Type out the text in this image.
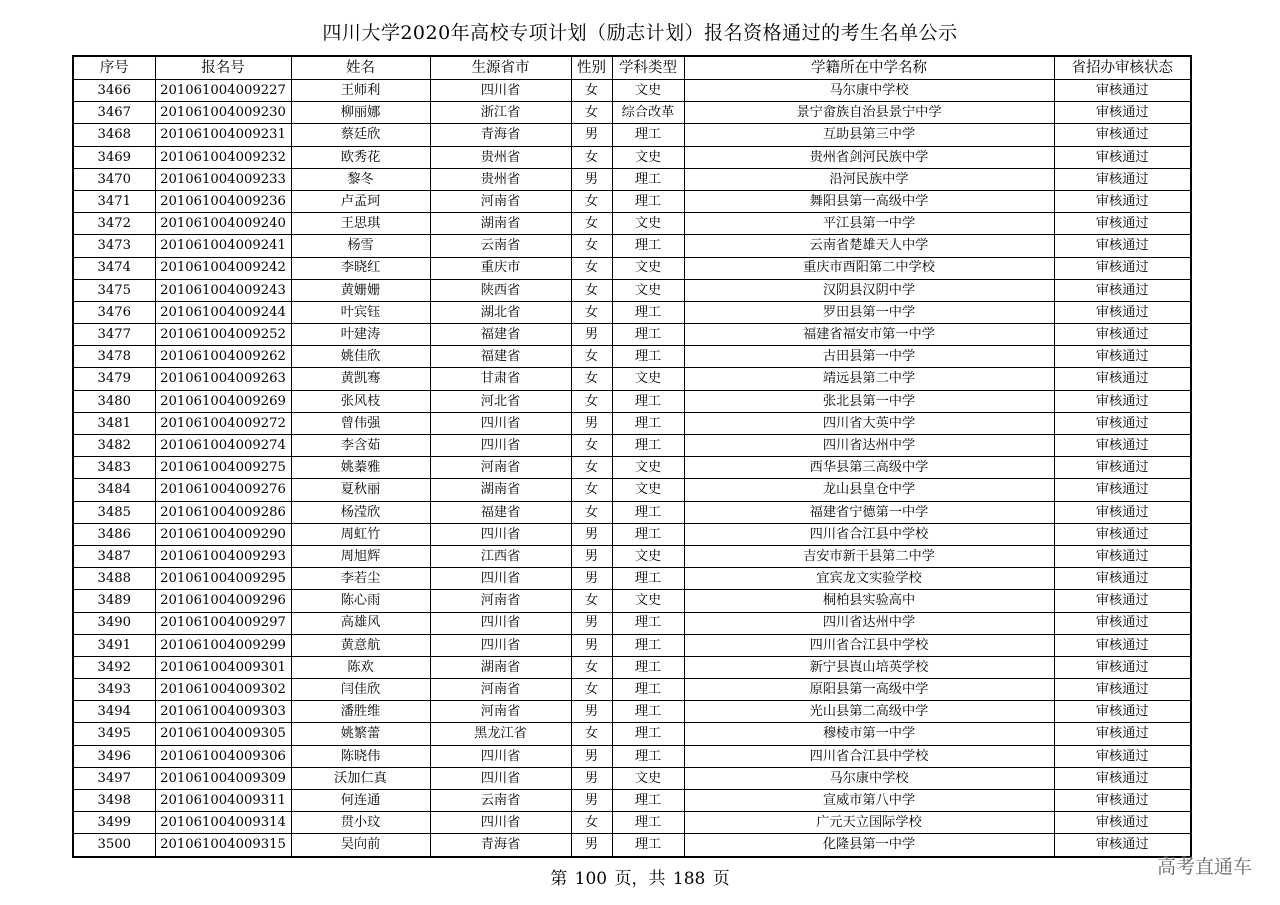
四川大学2020年高校专项计划（励志计划）报名资格通过的考生名单公示
序号	报名号	姓名	生源省市	性别	学科类型	学籍所在中学名称	省招办审核状态
3466	201061004009227	王师利	四川省	女	文史	马尔康中学校	审核通过
3467	201061004009230	柳丽娜	浙江省	女	综合改革	景宁畲族自治县景宁中学	审核通过
3468	201061004009231	蔡廷欣	青海省	男	理工	互助县第三中学	审核通过
3469	201061004009232	欧秀花	贵州省	女	文史	贵州省剑河民族中学	审核通过
3470	201061004009233	黎冬	贵州省	男	理工	沿河民族中学	审核通过
3471	201061004009236	卢孟珂	河南省	女	理工	舞阳县第一高级中学	审核通过
3472	201061004009240	王思琪	湖南省	女	文史	平江县第一中学	审核通过
3473	201061004009241	杨雪	云南省	女	理工	云南省楚雄天人中学	审核通过
3474	201061004009242	李晓红	重庆市	女	文史	重庆市酉阳第二中学校	审核通过
3475	201061004009243	黄姗姗	陕西省	女	文史	汉阴县汉阴中学	审核通过
3476	201061004009244	叶宾钰	湖北省	女	理工	罗田县第一中学	审核通过
3477	201061004009252	叶建涛	福建省	男	理工	福建省福安市第一中学	审核通过
3478	201061004009262	姚佳欣	福建省	女	理工	古田县第一中学	审核通过
3479	201061004009263	黄凯骞	甘肃省	女	文史	靖远县第二中学	审核通过
3480	201061004009269	张风枝	河北省	女	理工	张北县第一中学	审核通过
3481	201061004009272	曾伟强	四川省	男	理工	四川省大英中学	审核通过
3482	201061004009274	李含茹	四川省	女	理工	四川省达州中学	审核通过
3483	201061004009275	姚蓁雅	河南省	女	文史	西华县第三高级中学	审核通过
3484	201061004009276	夏秋丽	湖南省	女	文史	龙山县皇仓中学	审核通过
3485	201061004009286	杨滢欣	福建省	女	理工	福建省宁德第一中学	审核通过
3486	201061004009290	周虹竹	四川省	男	理工	四川省合江县中学校	审核通过
3487	201061004009293	周旭辉	江西省	男	文史	吉安市新干县第二中学	审核通过
3488	201061004009295	李若尘	四川省	男	理工	宜宾龙文实验学校	审核通过
3489	201061004009296	陈心雨	河南省	女	文史	桐柏县实验高中	审核通过
3490	201061004009297	高雄风	四川省	男	理工	四川省达州中学	审核通过
3491	201061004009299	黄意航	四川省	男	理工	四川省合江县中学校	审核通过
3492	201061004009301	陈欢	湖南省	女	理工	新宁县崀山培英学校	审核通过
3493	201061004009302	闫佳欣	河南省	女	理工	原阳县第一高级中学	审核通过
3494	201061004009303	潘胜维	河南省	男	理工	光山县第二高级中学	审核通过
3495	201061004009305	姚繁蕾	黑龙江省	女	理工	穆棱市第一中学	审核通过
3496	201061004009306	陈晓伟	四川省	男	理工	四川省合江县中学校	审核通过
3497	201061004009309	沃加仁真	四川省	男	文史	马尔康中学校	审核通过
3498	201061004009311	何连通	云南省	男	理工	宣威市第八中学	审核通过
3499	201061004009314	贯小玟	四川省	女	理工	广元天立国际学校	审核通过
3500	201061004009315	吴向前	青海省	男	理工	化隆县第一中学	审核通过
第 100 页，共 188 页
高考直通车
